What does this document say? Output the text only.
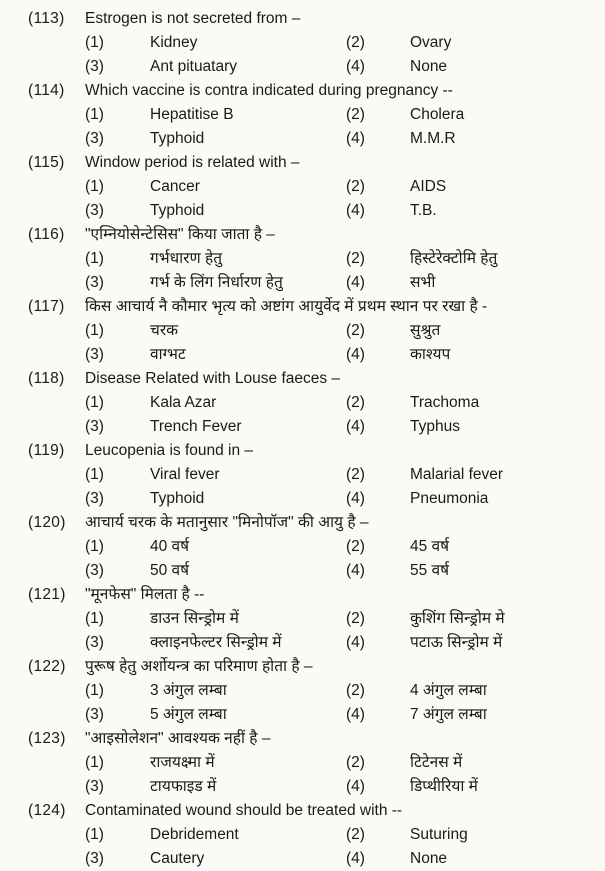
(113)	Estrogen is not secreted from –
(1)	Kidney	(2)	Ovary
(3)	Ant pituatary	(4)	None
(114)	Which vaccine is contra indicated during pregnancy --
(1)	Hepatitise B	(2)	Cholera
(3)	Typhoid	(4)	M.M.R
(115)	Window period is related with –
(1)	Cancer	(2)	AIDS
(3)	Typhoid	(4)	T.B.
(116)	"एम्नियोसेन्टेसिस" किया जाता है –
(1)	गर्भधारण हेतु	(2)	हिस्टेरेक्टोमि हेतु
(3)	गर्भ के लिंग निर्धारण हेतु	(4)	सभी
(117)	किस आचार्य नै कौमार भृत्य को अष्टांग आयुर्वेद में प्रथम स्थान पर रखा है -
(1)	चरक	(2)	सुश्रुत
(3)	वाग्भट	(4)	काश्यप
(118)	Disease Related with Louse faeces –
(1)	Kala Azar	(2)	Trachoma
(3)	Trench Fever	(4)	Typhus
(119)	Leucopenia is found in –
(1)	Viral fever	(2)	Malarial fever
(3)	Typhoid	(4)	Pneumonia
(120)	आचार्य चरक के मतानुसार "मिनोपॉज" की आयु है –
(1)	40 वर्ष	(2)	45 वर्ष
(3)	50 वर्ष	(4)	55 वर्ष
(121)	"मूनफेस" मिलता है --
(1)	डाउन सिन्ड्रोम में	(2)	कुशिंग सिन्ड्रोम मे
(3)	क्लाइनफेल्टर सिन्ड्रोम में	(4)	पटाऊ सिन्ड्रोम में
(122)	पुरूष हेतु अर्शोयन्त्र का परिमाण होता है –
(1)	3 अंगुल लम्बा	(2)	4 अंगुल लम्बा
(3)	5 अंगुल लम्बा	(4)	7 अंगुल लम्बा
(123)	"आइसोलेशन" आवश्यक नहीं है –
(1)	राजयक्ष्मा में	(2)	टिटेनस में
(3)	टायफाइड में	(4)	डिप्थीरिया में
(124)	Contaminated wound should be treated with --
(1)	Debridement	(2)	Suturing
(3)	Cautery	(4)	None
